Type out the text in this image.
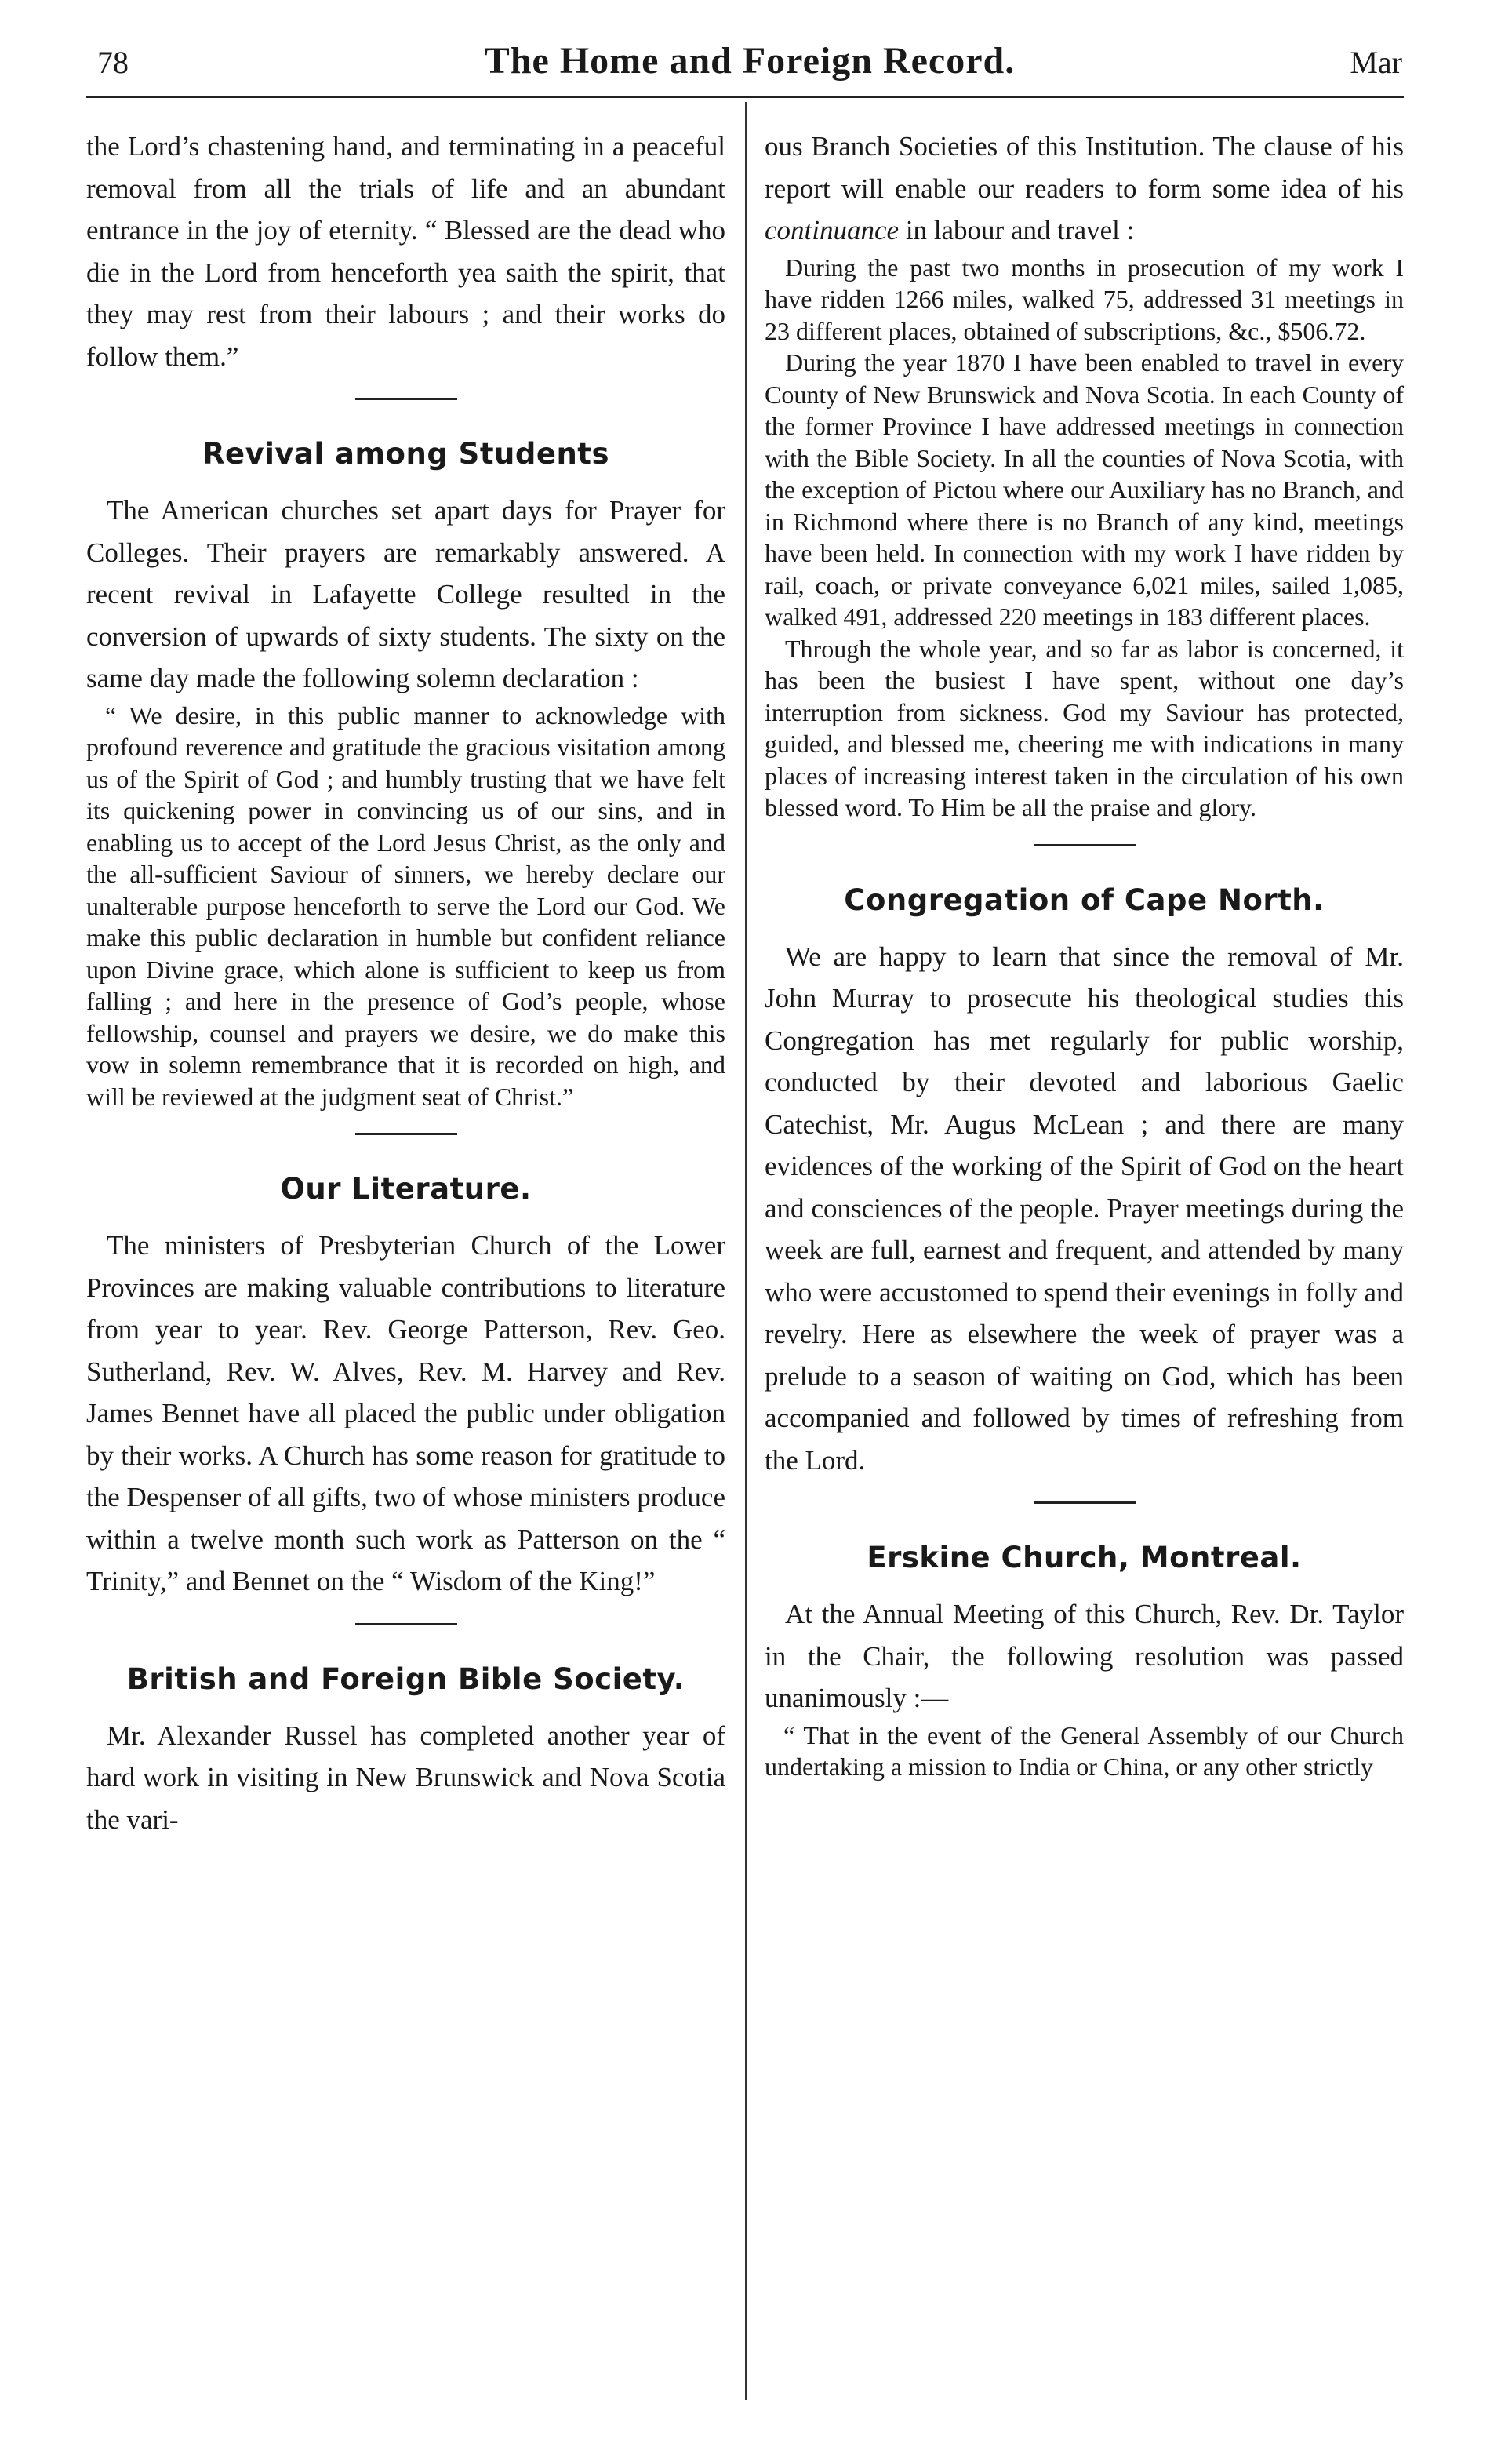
78	The Home and Foreign Record.	Mar

the Lord’s chastening hand, and terminating in a peaceful removal from all the trials of life and an abundant entrance in the joy of eternity. “ Blessed are the dead who die in the Lord from henceforth yea saith the spirit, that they may rest from their labours ; and their works do follow them.”

Revival among Students

The American churches set apart days for Prayer for Colleges. Their prayers are remarkably answered. A recent revival in Lafayette College resulted in the conversion of upwards of sixty students. The sixty on the same day made the following solemn declaration :

“ We desire, in this public manner to acknowledge with profound reverence and gratitude the gracious visitation among us of the Spirit of God ; and humbly trusting that we have felt its quickening power in convincing us of our sins, and in enabling us to accept of the Lord Jesus Christ, as the only and the all-sufficient Saviour of sinners, we hereby declare our unalterable purpose henceforth to serve the Lord our God. We make this public declaration in humble but confident reliance upon Divine grace, which alone is sufficient to keep us from falling ; and here in the presence of God’s people, whose fellowship, counsel and prayers we desire, we do make this vow in solemn remembrance that it is recorded on high, and will be reviewed at the judgment seat of Christ.”

Our Literature.

The ministers of Presbyterian Church of the Lower Provinces are making valuable contributions to literature from year to year. Rev. George Patterson, Rev. Geo. Sutherland, Rev. W. Alves, Rev. M. Harvey and Rev. James Bennet have all placed the public under obligation by their works. A Church has some reason for gratitude to the Despenser of all gifts, two of whose ministers produce within a twelve month such work as Patterson on the “ Trinity,” and Bennet on the “ Wisdom of the King!”

British and Foreign Bible Society.

Mr. Alexander Russel has completed another year of hard work in visiting in New Brunswick and Nova Scotia the vari-

ous Branch Societies of this Institution. The clause of his report will enable our readers to form some idea of his continuance in labour and travel :

During the past two months in prosecution of my work I have ridden 1266 miles, walked 75, addressed 31 meetings in 23 different places, obtained of subscriptions, &c., $506.72.

During the year 1870 I have been enabled to travel in every County of New Brunswick and Nova Scotia. In each County of the former Province I have addressed meetings in connection with the Bible Society. In all the counties of Nova Scotia, with the exception of Pictou where our Auxiliary has no Branch, and in Richmond where there is no Branch of any kind, meetings have been held. In connection with my work I have ridden by rail, coach, or private conveyance 6,021 miles, sailed 1,085, walked 491, addressed 220 meetings in 183 different places.

Through the whole year, and so far as labor is concerned, it has been the busiest I have spent, without one day’s interruption from sickness. God my Saviour has protected, guided, and blessed me, cheering me with indications in many places of increasing interest taken in the circulation of his own blessed word. To Him be all the praise and glory.

Congregation of Cape North.

We are happy to learn that since the removal of Mr. John Murray to prosecute his theological studies this Congregation has met regularly for public worship, conducted by their devoted and laborious Gaelic Catechist, Mr. Augus McLean ; and there are many evidences of the working of the Spirit of God on the heart and consciences of the people. Prayer meetings during the week are full, earnest and frequent, and attended by many who were accustomed to spend their evenings in folly and revelry. Here as elsewhere the week of prayer was a prelude to a season of waiting on God, which has been accompanied and followed by times of refreshing from the Lord.

Erskine Church, Montreal.

At the Annual Meeting of this Church, Rev. Dr. Taylor in the Chair, the following resolution was passed unanimously :—

“ That in the event of the General Assembly of our Church undertaking a mission to India or China, or any other strictly
